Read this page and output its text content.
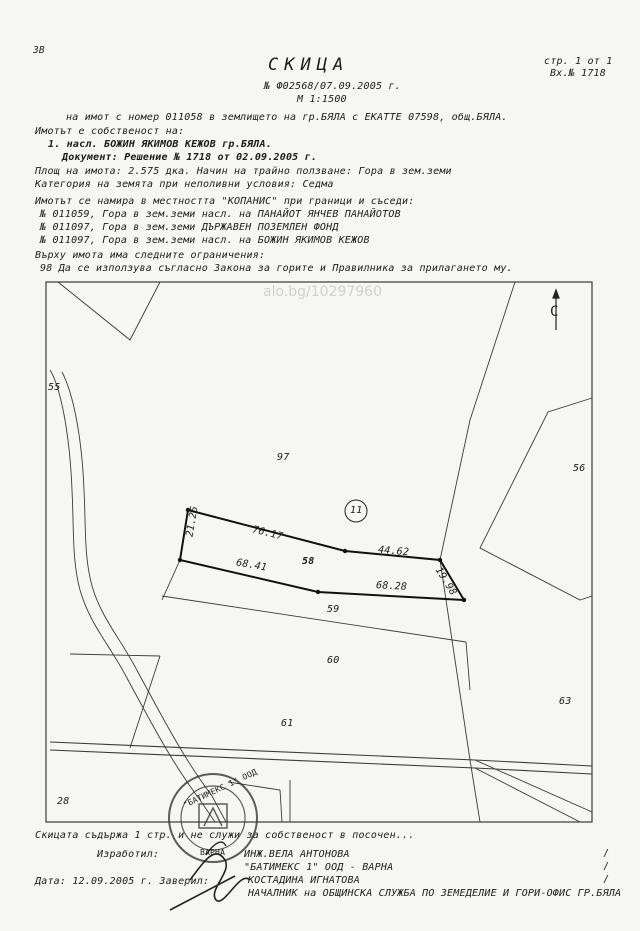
ЗВ
СКИЦА	стр. 1 от 1
Вх.№ 1718
№ Ф02568/07.09.2005 г.
М 1:1500
на имот с номер 011058 в землището на гр.БЯЛА с ЕКАТТЕ 07598, общ.БЯЛА.
Имотът е собственост на:
1. насл. БОЖИН ЯКИМОВ КЕЖОВ гр.БЯЛА.
Документ: Решение № 1718 от 02.09.2005 г.
Площ на имота: 2.575 дка. Начин на трайно ползване: Гора в зем.земи
Категория на земята при неполивни условия: Седма
Имотът се намира в местността "КОПАНИС" при граници и съседи:
№ 011059, Гора в зем.земи насл. на ПАНАЙОТ ЯНЧЕВ ПАНАЙОТОВ
№ 011097, Гора в зем.земи ДЪРЖАВЕН ПОЗЕМЛЕН ФОНД
№ 011097, Гора в зем.земи насл. на БОЖИН ЯКИМОВ КЕЖОВ
Върху имота има следните ограничения:
98 Да се използува съгласно Закона за горите и Правилника за прилагането му.
alo.bg/10297960
С
55
97
56
11
58
59
60
61
63
28
21.25	76.17
44.62
68.41
68.28	19.98
"БАТИМЕКС 1" ООД
ВАРНА
Скицата съдържа 1 стр. и не служи за собственост в посочен...
Изработил:	ИНЖ.ВЕЛА АНТОНОВА
"БАТИМЕКС 1" ООД - ВАРНА
КОСТАДИНА ИГНАТОВА
Дата: 12.09.2005 г. Заверил:
НАЧАЛНИК на ОБЩИНСКА СЛУЖБА ПО ЗЕМЕДЕЛИЕ И ГОРИ-ОФИС ГР.БЯЛА
/
/
/
